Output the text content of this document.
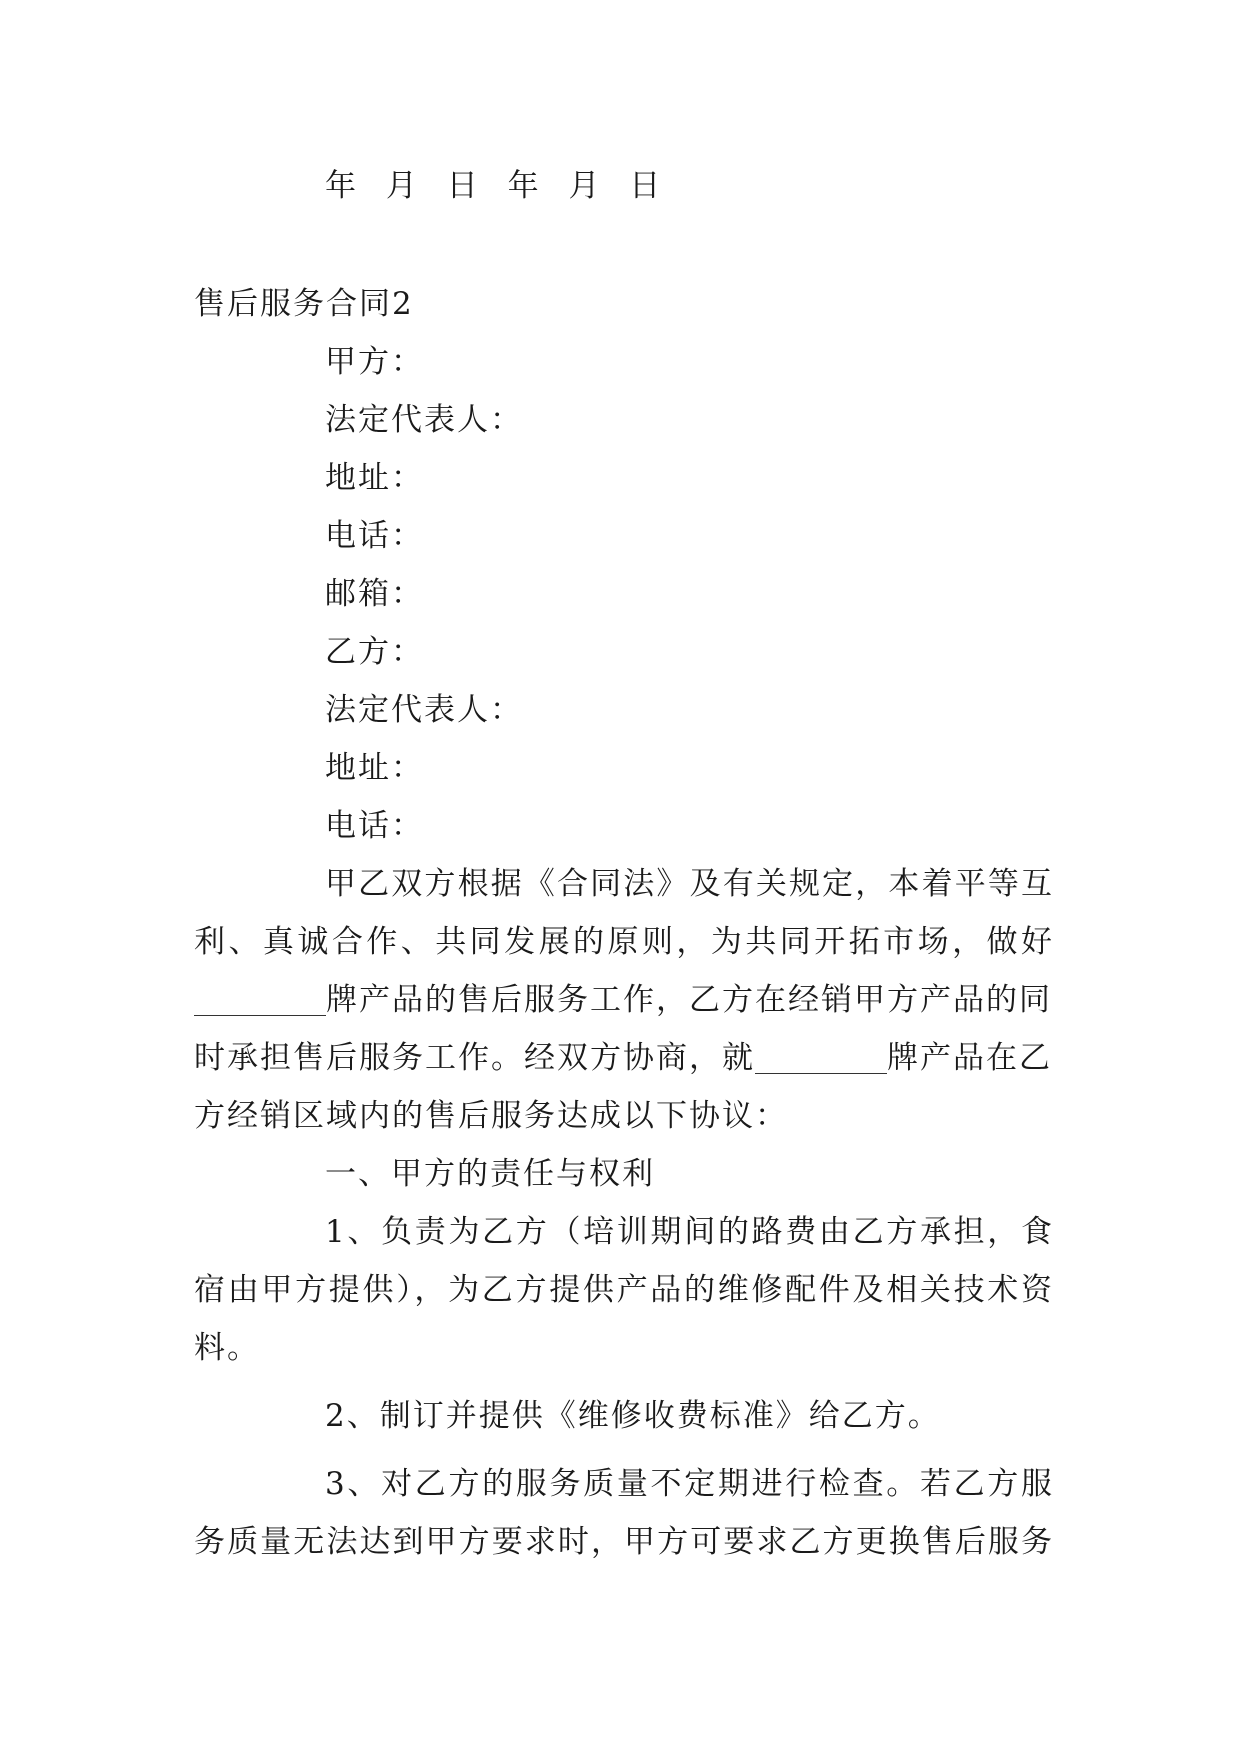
年 月 日 年 月 日
售后服务合同2
甲方：
法定代表人：
地址：
电话：
邮箱：
乙方：
法定代表人：
地址：
电话：
甲乙双方根据《合同法》及有关规定，本着平等互
利、真诚合作、共同发展的原则，为共同开拓市场，做好
牌产品的售后服务工作，乙方在经销甲方产品的同
时承担售后服务工作。经双方协商，就	牌产品在乙
方经销区域内的售后服务达成以下协议：
一、甲方的责任与权利
1、负责为乙方（培训期间的路费由乙方承担，食
宿由甲方提供），为乙方提供产品的维修配件及相关技术资
料。
2、制订并提供《维修收费标准》给乙方。
3、对乙方的服务质量不定期进行检查。若乙方服
务质量无法达到甲方要求时，甲方可要求乙方更换售后服务
